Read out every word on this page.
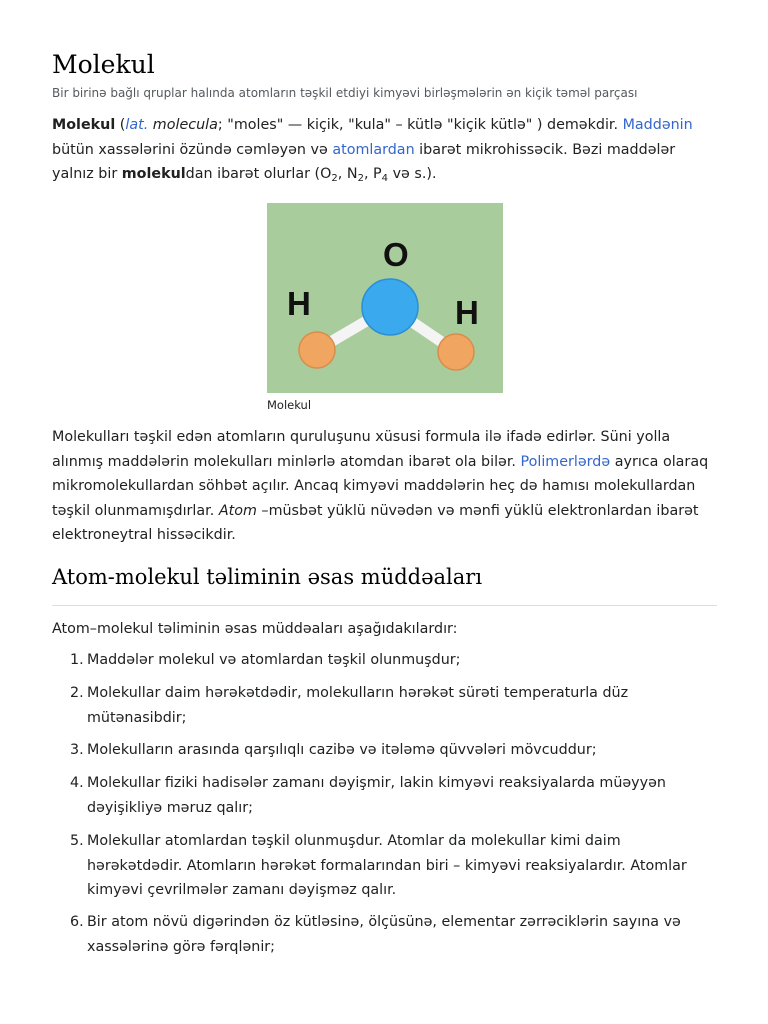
Molekul
Bir birinə bağlı qruplar halında atomların təşkil etdiyi kimyəvi birləşmələrin ən kiçik təməl parçası

Molekul (lat. molecula; "moles" — kiçik, "kula" – kütlə "kiçik kütlə" ) deməkdir. Maddənin bütün xassələrini özündə cəmləyən və atomlardan ibarət mikrohissəcik. Bəzi maddələr yalnız bir molekuldan ibarət olurlar ($O_2$, $N_2$, $P_4$ və s.).

O
H	H
Molekul

Molekulları təşkil edən atomların quruluşunu xüsusi formula ilə ifadə edirlər. Süni yolla alınmış maddələrin molekulları minlərlə atomdan ibarət ola bilər. Polimerlərdə ayrıca olaraq mikromolekullardan söhbət açılır. Ancaq kimyəvi maddələrin heç də hamısı molekullardan təşkil olunmamışdırlar. Atom –müsbət yüklü nüvədən və mənfi yüklü elektronlardan ibarət elektroneytral hissəcikdir.

Atom-molekul təliminin əsas müddəaları

Atom–molekul təliminin əsas müddəaları aşağıdakılardır:

1. Maddələr molekul və atomlardan təşkil olunmuşdur;
2. Molekullar daim hərəkətdədir, molekulların hərəkət sürəti temperaturla düz mütənasibdir;
3. Molekulların arasında qarşılıqlı cazibə və itələmə qüvvələri mövcuddur;
4. Molekullar fiziki hadisələr zamanı dəyişmir, lakin kimyəvi reaksiyalarda müəyyən dəyişikliyə məruz qalır;
5. Molekullar atomlardan təşkil olunmuşdur. Atomlar da molekullar kimi daim hərəkətdədir. Atomların hərəkət formalarından biri – kimyəvi reaksiyalardır. Atomlar kimyəvi çevrilmələr zamanı dəyişməz qalır.
6. Bir atom növü digərindən öz kütləsinə, ölçüsünə, elementar zərrəciklərin sayına və xassələrinə görə fərqlənir;
